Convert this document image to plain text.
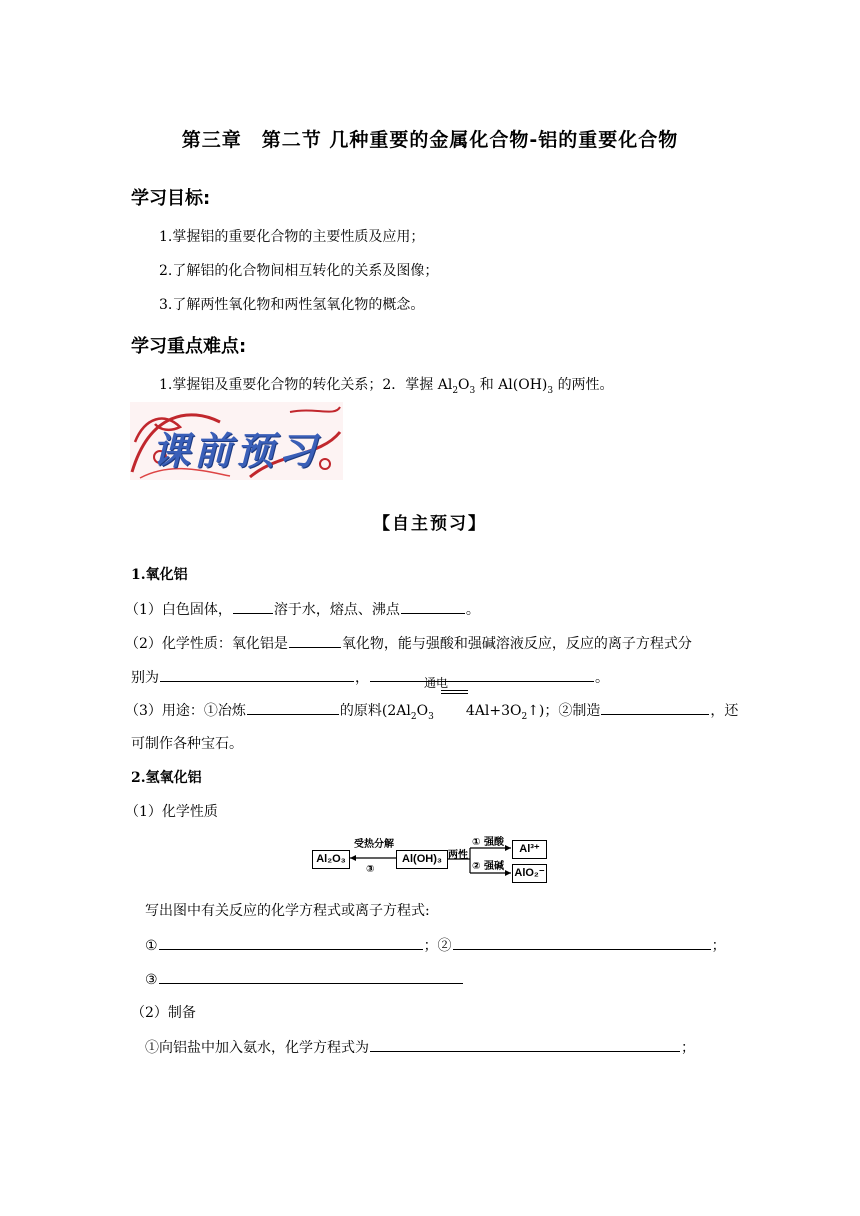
第三章　第二节 几种重要的金属化合物-铝的重要化合物
学习目标:
1.掌握铝的重要化合物的主要性质及应用；
2.了解铝的化合物间相互转化的关系及图像；
3.了解两性氧化物和两性氢氧化物的概念。
学习重点难点:
1.掌握铝及重要化合物的转化关系；2．掌握 $Al_2O_3$ 和 $Al(OH)_3$ 的两性。
课前预习
【自主预习】
1.氧化铝
（1）白色固体，	溶于水，熔点、沸点	。
（2）化学性质：氧化铝是	氧化物，能与强酸和强碱溶液反应，反应的离子方程式分
别为	，	。
通电
（3）用途：①冶炼	的原料($2Al_2O_3$ $4Al+3O_2↑$)；②制造	，还
可制作各种宝石。
2.氢氧化铝
（1）化学性质
Al₂O₃	Al(OH)₃
Al³⁺
AlO₂⁻
受热分解
③
两性
① 强酸
② 强碱
写出图中有关反应的化学方程式或离子方程式:
①	；②	；
③
（2）制备
①向铝盐中加入氨水，化学方程式为	；
